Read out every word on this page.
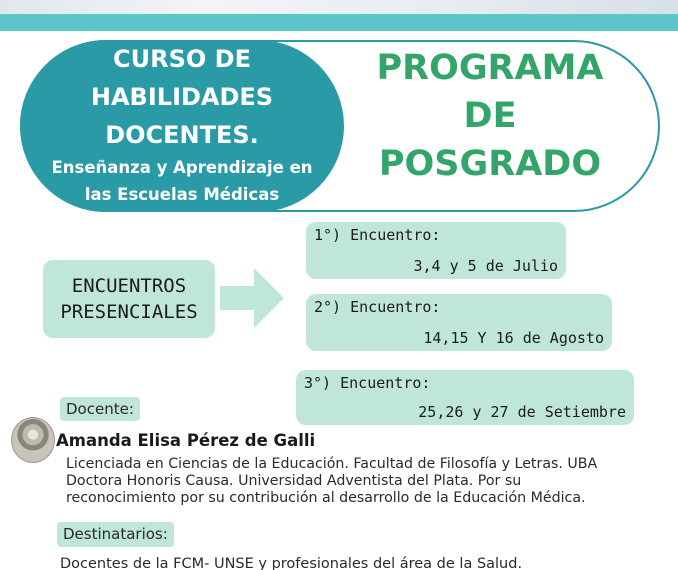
CURSO DE
HABILIDADES
DOCENTES.
Enseñanza y Aprendizaje en
las Escuelas Médicas
PROGRAMA
DE
POSGRADO
ENCUENTROS
PRESENCIALES
1°) Encuentro:
3,4 y 5 de Julio
2°) Encuentro:
14,15 Y 16 de Agosto
3°) Encuentro:
25,26 y 27 de Setiembre
Docente:
Amanda Elisa Pérez de Galli
Licenciada en Ciencias de la Educación. Facultad de Filosofía y Letras. UBA
Doctora Honoris Causa. Universidad Adventista del Plata. Por su
reconocimiento por su contribución al desarrollo de la Educación Médica.
Destinatarios:
Docentes de la FCM- UNSE y profesionales del área de la Salud.
